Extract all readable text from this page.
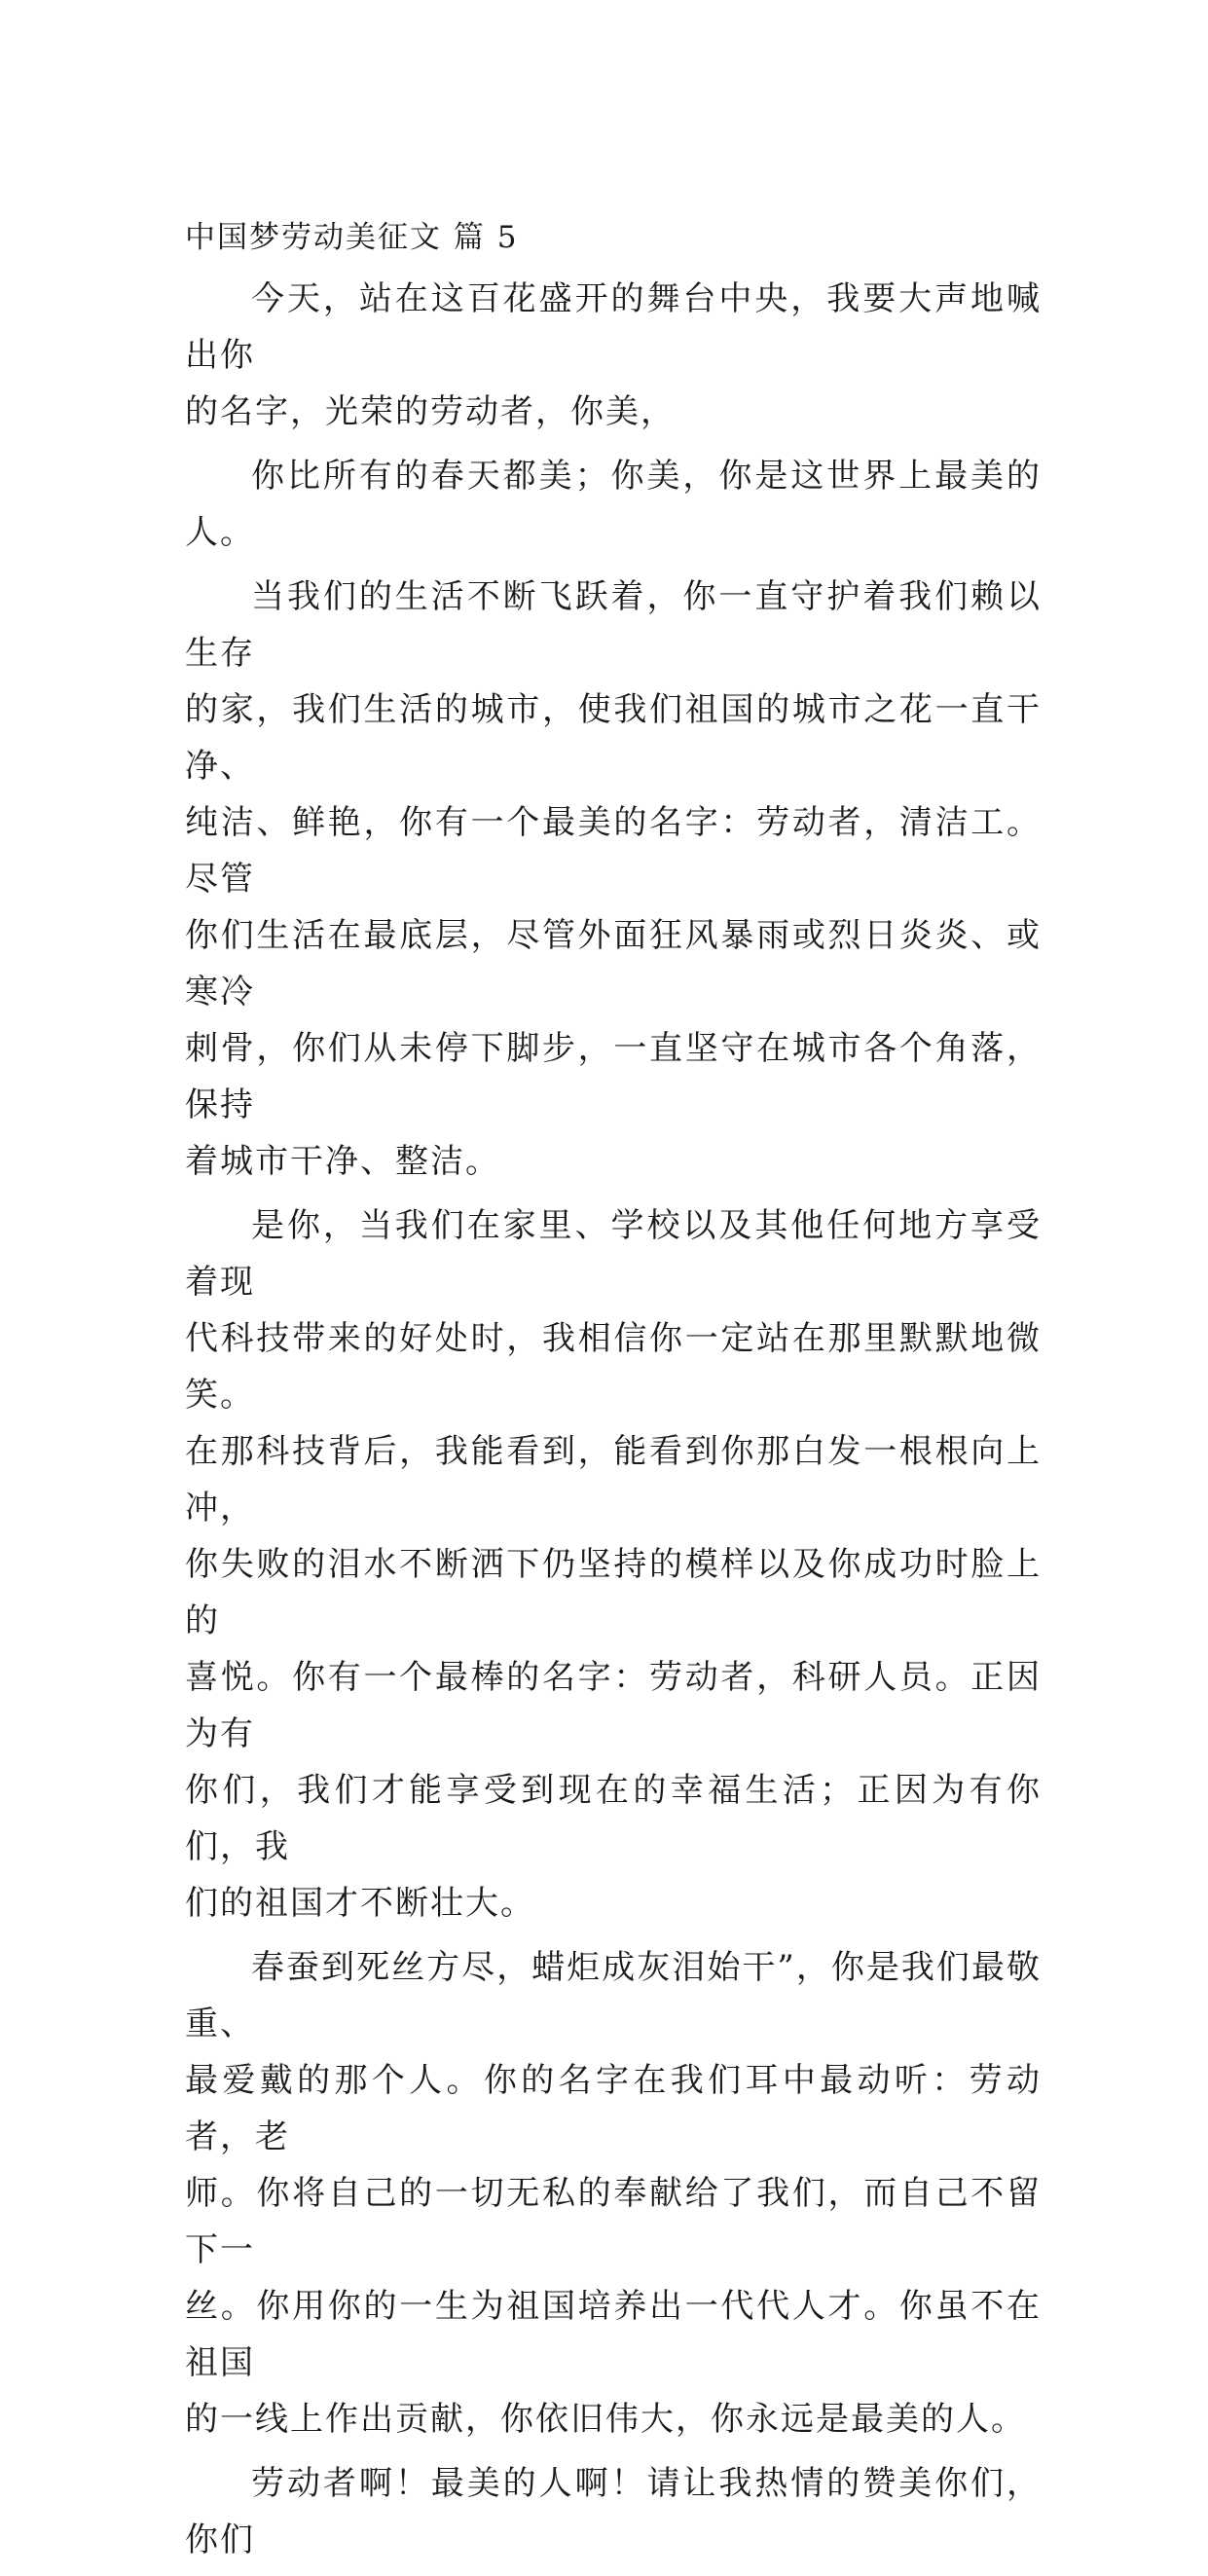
中国梦劳动美征文 篇 5

今天，站在这百花盛开的舞台中央，我要大声地喊出你
的名字，光荣的劳动者，你美，

你比所有的春天都美；你美，你是这世界上最美的人。

当我们的生活不断飞跃着，你一直守护着我们赖以生存
的家，我们生活的城市，使我们祖国的城市之花一直干净、
纯洁、鲜艳，你有一个最美的名字：劳动者，清洁工。尽管
你们生活在最底层，尽管外面狂风暴雨或烈日炎炎、或寒冷
刺骨，你们从未停下脚步，一直坚守在城市各个角落，保持
着城市干净、整洁。

是你，当我们在家里、学校以及其他任何地方享受着现
代科技带来的好处时，我相信你一定站在那里默默地微笑。
在那科技背后，我能看到，能看到你那白发一根根向上冲，
你失败的泪水不断洒下仍坚持的模样以及你成功时脸上的
喜悦。你有一个最棒的名字：劳动者，科研人员。正因为有
你们，我们才能享受到现在的幸福生活；正因为有你们，我
们的祖国才不断壮大。

春蚕到死丝方尽，蜡炬成灰泪始干”，你是我们最敬重、
最爱戴的那个人。你的名字在我们耳中最动听：劳动者，老
师。你将自己的一切无私的奉献给了我们，而自己不留下一
丝。你用你的一生为祖国培养出一代代人才。你虽不在祖国
的一线上作出贡献，你依旧伟大，你永远是最美的人。

劳动者啊！最美的人啊！请让我热情的赞美你们，你们
